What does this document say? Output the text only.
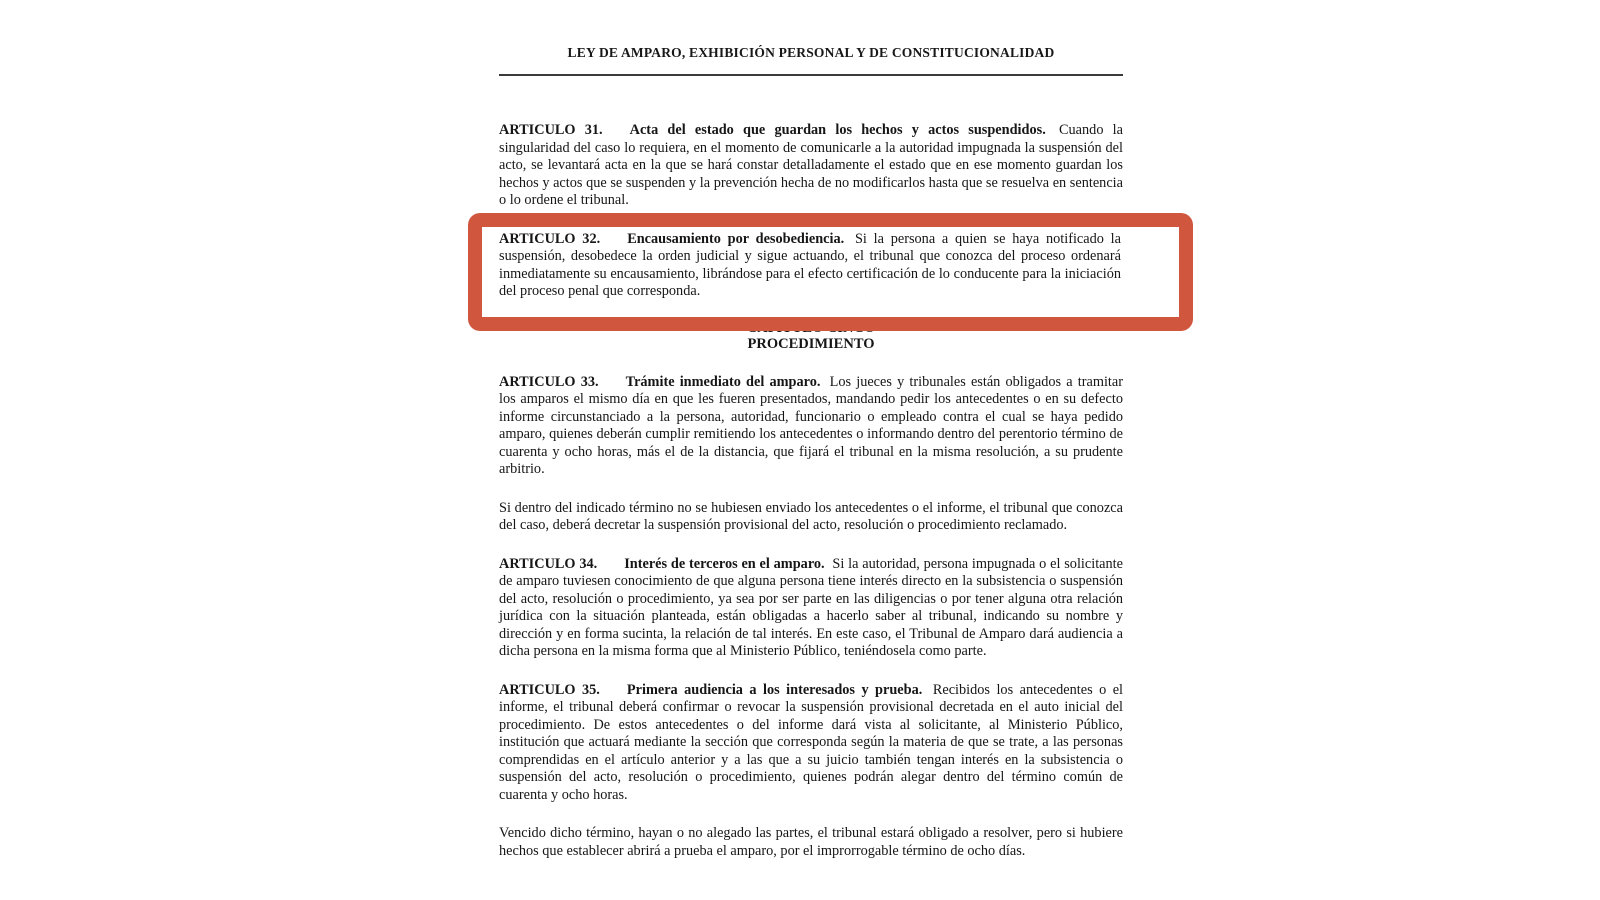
LEY DE AMPARO, EXHIBICIÓN PERSONAL Y DE CONSTITUCIONALIDAD

ARTICULO 31. Acta del estado que guardan los hechos y actos suspendidos. Cuando la singularidad del caso lo requiera, en el momento de comunicarle a la autoridad impugnada la suspensión del acto, se levantará acta en la que se hará constar detalladamente el estado que en ese momento guardan los hechos y actos que se suspenden y la prevención hecha de no modificarlos hasta que se resuelva en sentencia o lo ordene el tribunal.

ARTICULO 32. Encausamiento por desobediencia. Si la persona a quien se haya notificado la suspensión, desobedece la orden judicial y sigue actuando, el tribunal que conozca del proceso ordenará inmediatamente su encausamiento, librándose para el efecto certificación de lo conducente para la iniciación del proceso penal que corresponda.

PROCEDIMIENTO

ARTICULO 33. Trámite inmediato del amparo. Los jueces y tribunales están obligados a tramitar los amparos el mismo día en que les fueren presentados, mandando pedir los antecedentes o en su defecto informe circunstanciado a la persona, autoridad, funcionario o empleado contra el cual se haya pedido amparo, quienes deberán cumplir remitiendo los antecedentes o informando dentro del perentorio término de cuarenta y ocho horas, más el de la distancia, que fijará el tribunal en la misma resolución, a su prudente arbitrio.

Si dentro del indicado término no se hubiesen enviado los antecedentes o el informe, el tribunal que conozca del caso, deberá decretar la suspensión provisional del acto, resolución o procedimiento reclamado.

ARTICULO 34. Interés de terceros en el amparo. Si la autoridad, persona impugnada o el solicitante de amparo tuviesen conocimiento de que alguna persona tiene interés directo en la subsistencia o suspensión del acto, resolución o procedimiento, ya sea por ser parte en las diligencias o por tener alguna otra relación jurídica con la situación planteada, están obligadas a hacerlo saber al tribunal, indicando su nombre y dirección y en forma sucinta, la relación de tal interés. En este caso, el Tribunal de Amparo dará audiencia a dicha persona en la misma forma que al Ministerio Público, teniéndosela como parte.

ARTICULO 35. Primera audiencia a los interesados y prueba. Recibidos los antecedentes o el informe, el tribunal deberá confirmar o revocar la suspensión provisional decretada en el auto inicial del procedimiento. De estos antecedentes o del informe dará vista al solicitante, al Ministerio Público, institución que actuará mediante la sección que corresponda según la materia de que se trate, a las personas comprendidas en el artículo anterior y a las que a su juicio también tengan interés en la subsistencia o suspensión del acto, resolución o procedimiento, quienes podrán alegar dentro del término común de cuarenta y ocho horas.

Vencido dicho término, hayan o no alegado las partes, el tribunal estará obligado a resolver, pero si hubiere hechos que establecer abrirá a prueba el amparo, por el improrrogable término de ocho días.
